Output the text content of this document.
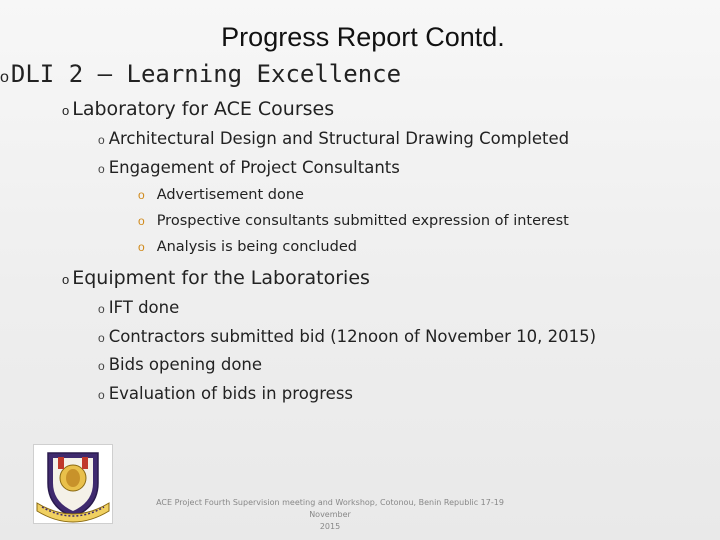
Progress Report Contd.
o DLI 2 – Learning Excellence
o Laboratory for ACE Courses
o Architectural Design and Structural Drawing Completed
o Engagement of Project Consultants
o Advertisement done
o Prospective consultants submitted expression of interest
o Analysis is being concluded
o Equipment for the Laboratories
o IFT done
o Contractors submitted bid (12noon of November 10, 2015)
o Bids opening done
o Evaluation of bids in progress
ACE Project Fourth Supervision meeting and Workshop, Cotonou, Benin Republic 17-19 November
2015
